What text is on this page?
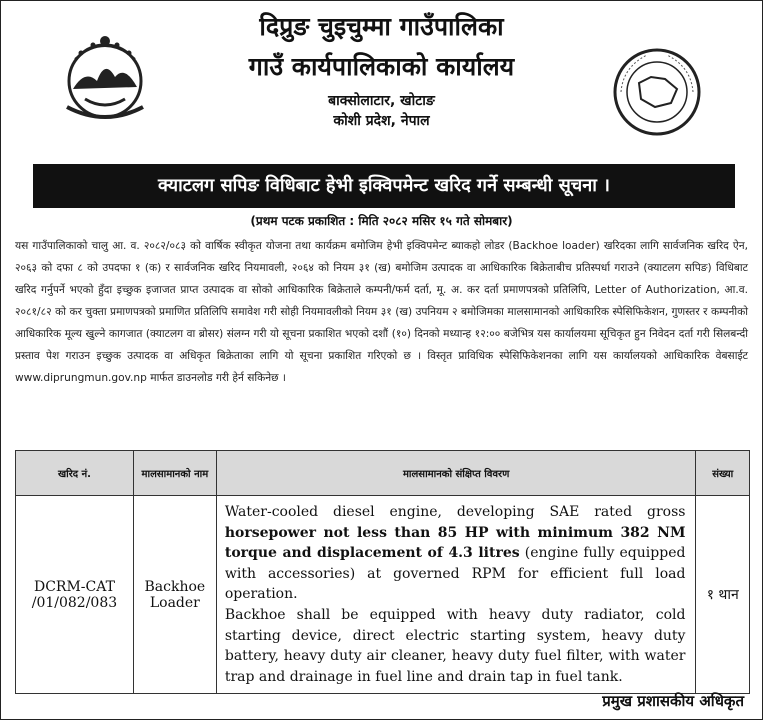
दिप्रुङ चुइचुम्मा गाउँपालिका
गाउँ कार्यपालिकाको कार्यालय
बाक्सोलाटार, खोटाङ
कोशी प्रदेश, नेपाल
क्याटलग सपिङ विधिबाट हेभी इक्विपमेन्ट खरिद गर्ने सम्बन्धी सूचना ।
(प्रथम पटक प्रकाशित : मिति २०८२ मसिर १५ गते सोमबार)
यस गाउँपालिकाको चालु आ. व. २०८२/०८३ को वार्षिक स्वीकृत योजना तथा कार्यक्रम बमोजिम हेभी इक्विपमेन्ट ब्याकहो लोडर (Backhoe loader) खरिदका लागि सार्वजनिक खरिद ऐन, २०६३ को दफा ८ को उपदफा १ (क) र सार्वजनिक खरिद नियमावली, २०६४ को नियम ३१ (ख) बमोजिम उत्पादक वा आधिकारिक बिक्रेताबीच प्रतिस्पर्धा गराउने (क्याटलग सपिङ) विधिबाट खरिद गर्नुपर्ने भएको हुँदा इच्छुक इजाजत प्राप्त उत्पादक वा सोको आधिकारिक बिक्रेताले कम्पनी/फर्म दर्ता, मू. अ. कर दर्ता प्रमाणपत्रको प्रतिलिपि, Letter of Authorization, आ.व. २०८१/८२ को कर चुक्ता प्रमाणपत्रको प्रमाणित प्रतिलिपि समावेश गरी सोही नियमावलीको नियम ३१ (ख) उपनियम २ बमोजिमका मालसामानको आधिकारिक स्पेसिफिकेशन, गुणस्तर र कम्पनीको आधिकारिक मूल्य खुल्ने कागजात (क्याटलग वा ब्रोसर) संलग्न गरी यो सूचना प्रकाशित भएको दशौं (१०) दिनको मध्यान्ह १२:०० बजेभित्र यस कार्यालयमा सूचिकृत हुन निवेदन दर्ता गरी सिलबन्दी प्रस्ताव पेश गराउन इच्छुक उत्पादक वा अधिकृत बिक्रेताका लागि यो सूचना प्रकाशित गरिएको छ । विस्तृत प्राविधिक स्पेसिफिकेशनका लागि यस कार्यालयको आधिकारिक वेबसाईट www.diprungmun.gov.np मार्फत डाउनलोड गरी हेर्न सकिनेछ ।
खरिद नं.	मालसामानको नाम	मालसामानको संक्षिप्त विवरण	संख्या
DCRM-CAT /01/082/083	Backhoe Loader	Water-cooled diesel engine, developing SAE rated gross horsepower not less than 85 HP with minimum 382 NM torque and displacement of 4.3 litres (engine fully equipped with accessories) at governed RPM for efficient full load operation.
Backhoe shall be equipped with heavy duty radiator, cold starting device, direct electric starting system, heavy duty battery, heavy duty air cleaner, heavy duty fuel filter, with water trap and drainage in fuel line and drain tap in fuel tank.	१ थान
प्रमुख प्रशासकीय अधिकृत
